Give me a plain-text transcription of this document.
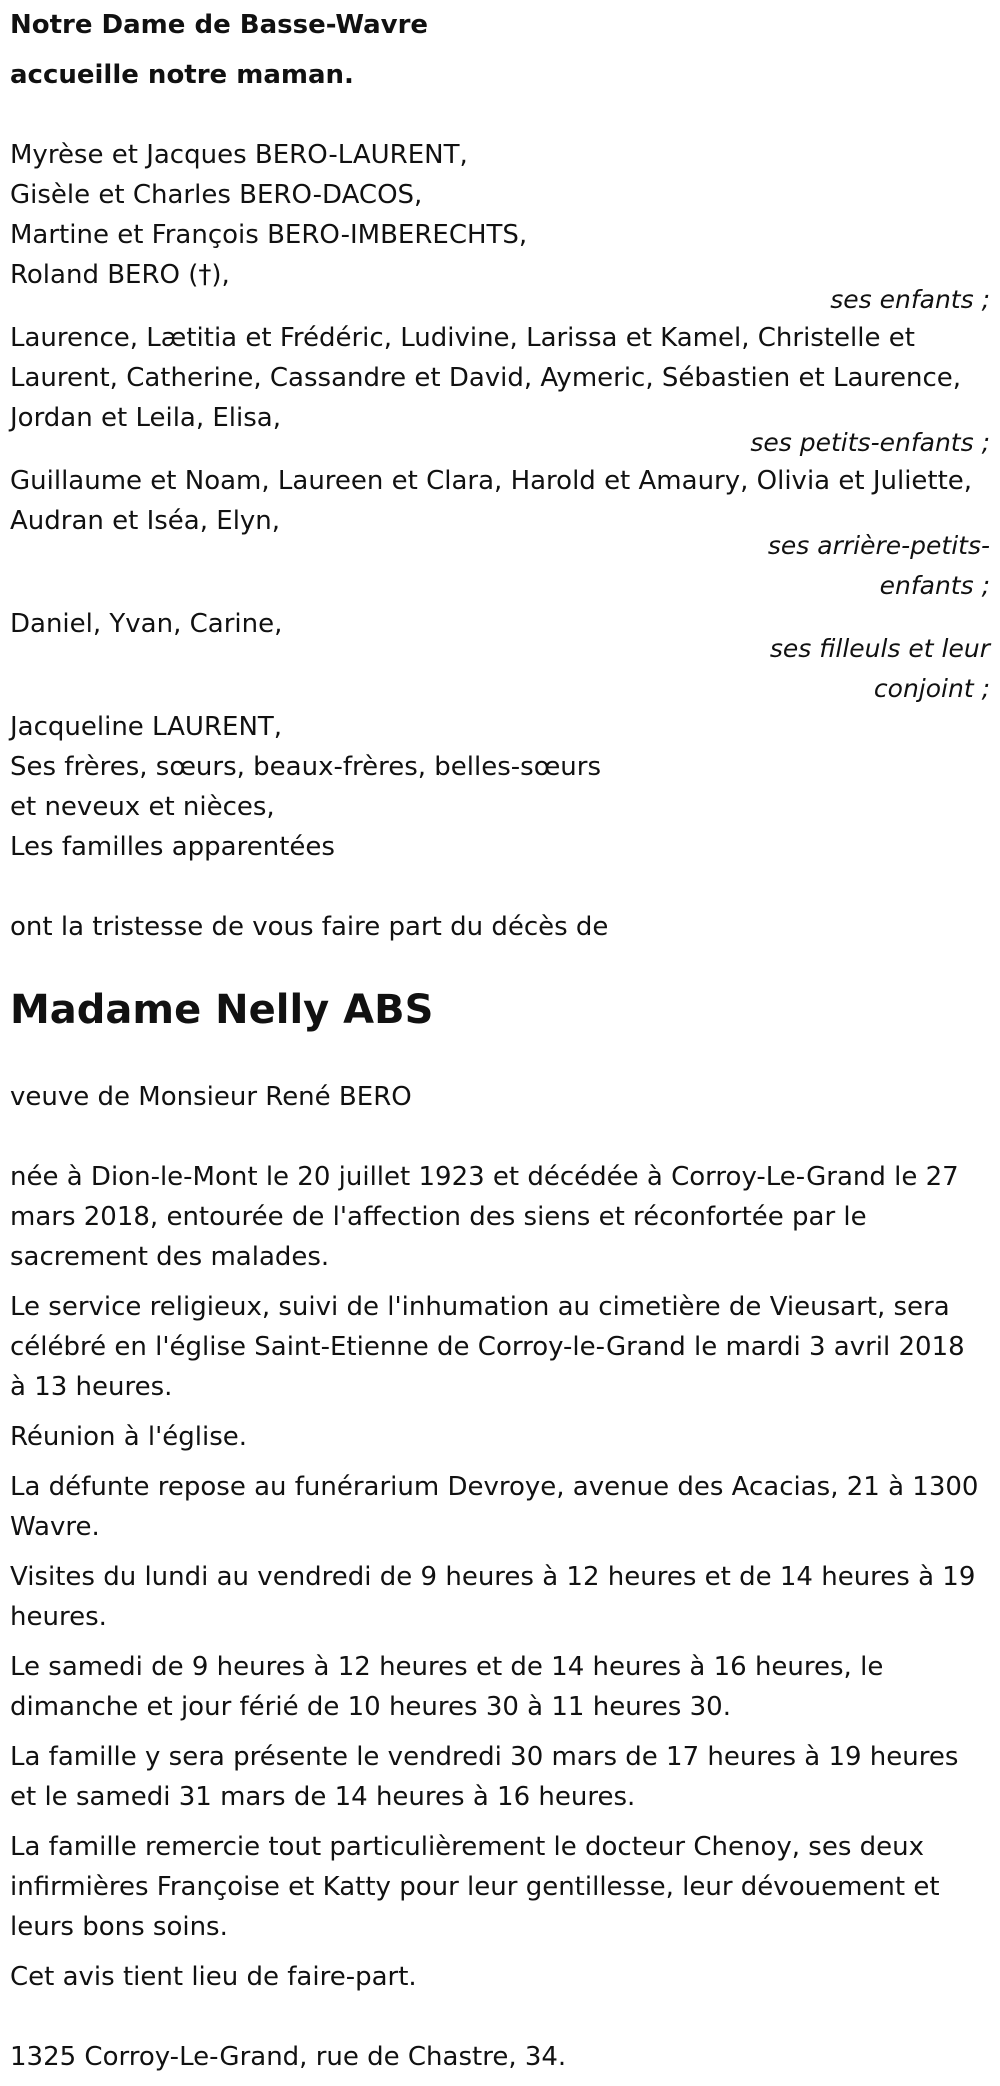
Notre Dame de Basse-Wavre
accueille notre maman.
Myrèse et Jacques BERO-LAURENT,
Gisèle et Charles BERO-DACOS,
Martine et François BERO-IMBERECHTS,
Roland BERO (†),
ses enfants ;
Laurence, Lætitia et Frédéric, Ludivine, Larissa et Kamel, Christelle et
Laurent, Catherine, Cassandre et David, Aymeric, Sébastien et Laurence,
Jordan et Leila, Elisa,
ses petits-enfants ;
Guillaume et Noam, Laureen et Clara, Harold et Amaury, Olivia et Juliette,
Audran et Iséa, Elyn,
ses arrière-petits-
enfants ;
Daniel, Yvan, Carine,
ses filleuls et leur
conjoint ;
Jacqueline LAURENT,
Ses frères, sœurs, beaux-frères, belles-sœurs
et neveux et nièces,
Les familles apparentées
ont la tristesse de vous faire part du décès de
Madame Nelly ABS
veuve de Monsieur René BERO
née à Dion-le-Mont le 20 juillet 1923 et décédée à Corroy-Le-Grand le 27
mars 2018, entourée de l'affection des siens et réconfortée par le
sacrement des malades.
Le service religieux, suivi de l'inhumation au cimetière de Vieusart, sera
célébré en l'église Saint-Etienne de Corroy-le-Grand le mardi 3 avril 2018
à 13 heures.
Réunion à l'église.
La défunte repose au funérarium Devroye, avenue des Acacias, 21 à 1300
Wavre.
Visites du lundi au vendredi de 9 heures à 12 heures et de 14 heures à 19
heures.
Le samedi de 9 heures à 12 heures et de 14 heures à 16 heures, le
dimanche et jour férié de 10 heures 30 à 11 heures 30.
La famille y sera présente le vendredi 30 mars de 17 heures à 19 heures
et le samedi 31 mars de 14 heures à 16 heures.
La famille remercie tout particulièrement le docteur Chenoy, ses deux
infirmières Françoise et Katty pour leur gentillesse, leur dévouement et
leurs bons soins.
Cet avis tient lieu de faire-part.
1325 Corroy-Le-Grand, rue de Chastre, 34.
